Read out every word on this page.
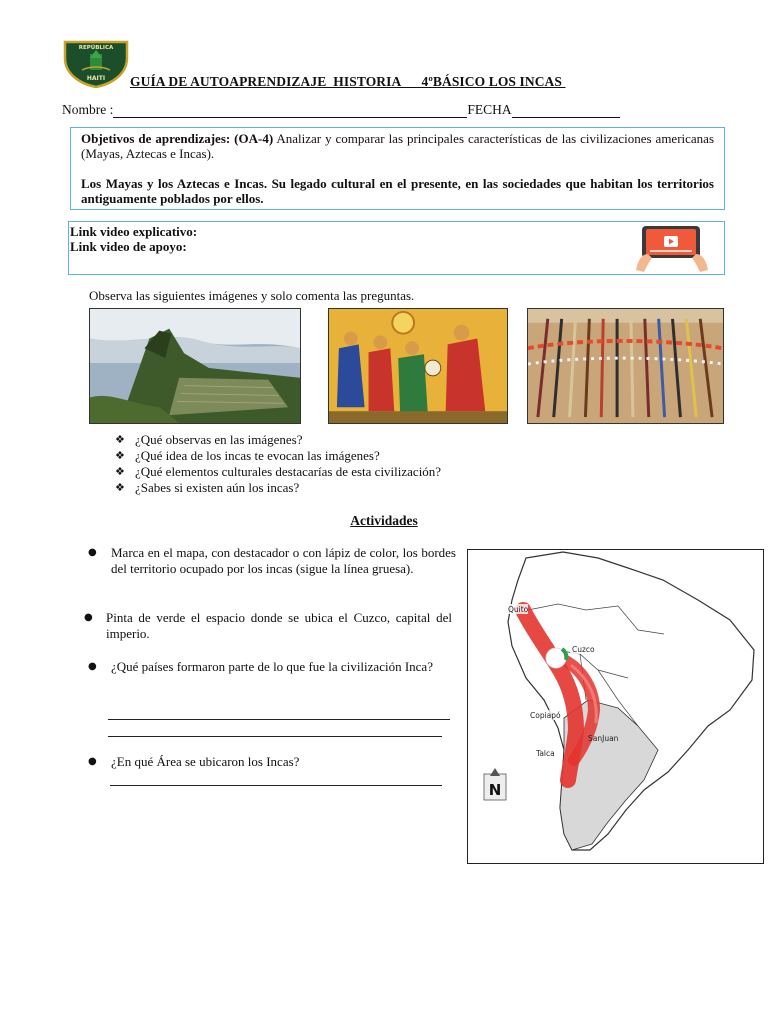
REPÚBLICA
HAITI GUÍA DE AUTOAPRENDIZAJE  HISTORIA      4ºBÁSICO LOS INCAS
Nombre :	FECHA

Objetivos de aprendizajes: (OA-4) Analizar y comparar las principales características de las civilizaciones americanas (Mayas, Aztecas e Incas).

Los Mayas y los Aztecas e Incas. Su legado cultural en el presente, en las sociedades que habitan los territorios antiguamente poblados por ellos.

Link video explicativo:
Link video de apoyo:
Observa las siguientes imágenes y solo comenta las preguntas.
❖ ¿Qué observas en las imágenes?
❖ ¿Qué idea de los incas te evocan las imágenes?
❖ ¿Qué elementos culturales destacarías de esta civilización?
❖ ¿Sabes si existen aún los incas?
Actividades
● Marca en el mapa, con destacador o con lápiz de color, los bordes del territorio ocupado por los incas (sigue la línea gruesa).
● Pinta de verde el espacio donde se ubica el Cuzco, capital del imperio.
● ¿Qué países formaron parte de lo que fue la civilización Inca?
● ¿En qué Área se ubicaron los Incas?
Quito
Cuzco
Copiapó
SanJuan
Talca
N
